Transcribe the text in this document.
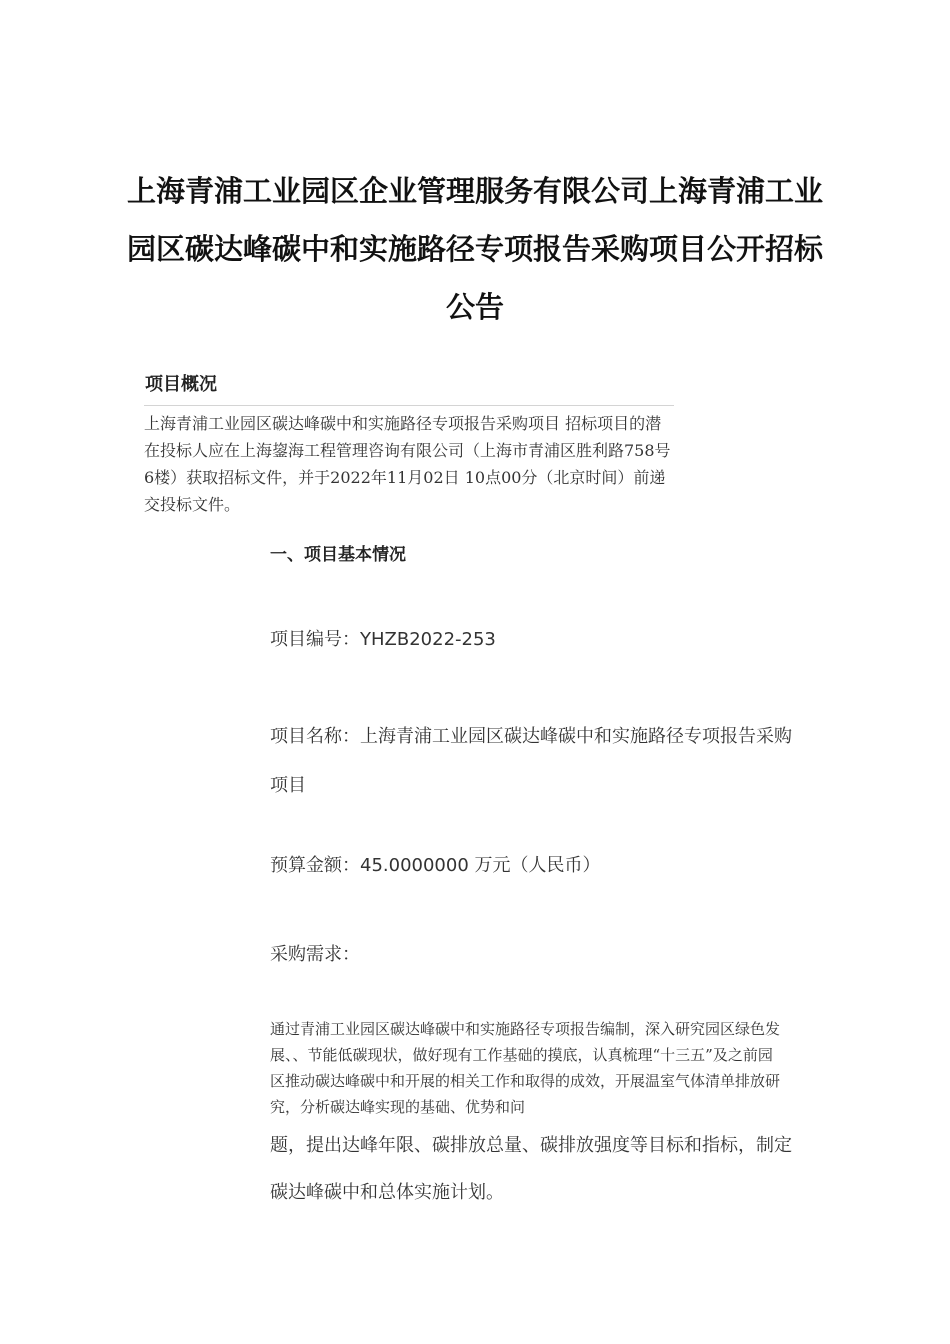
上海青浦工业园区企业管理服务有限公司上海青浦工业园区碳达峰碳中和实施路径专项报告采购项目公开招标公告
项目概况

上海青浦工业园区碳达峰碳中和实施路径专项报告采购项目 招标项目的潜在投标人应在上海鋆海工程管理咨询有限公司（上海市青浦区胜利路758号6楼）获取招标文件，并于2022年11月02日 10点00分（北京时间）前递交投标文件。

一、项目基本情况

项目编号：YHZB2022-253

项目名称：上海青浦工业园区碳达峰碳中和实施路径专项报告采购项目

预算金额：45.0000000 万元（人民币）

采购需求：

通过青浦工业园区碳达峰碳中和实施路径专项报告编制，深入研究园区绿色发展、、节能低碳现状，做好现有工作基础的摸底，认真梳理“十三五”及之前园区推动碳达峰碳中和开展的相关工作和取得的成效，开展温室气体清单排放研究，分析碳达峰实现的基础、优势和问

题，提出达峰年限、碳排放总量、碳排放强度等目标和指标，制定碳达峰碳中和总体实施计划。
